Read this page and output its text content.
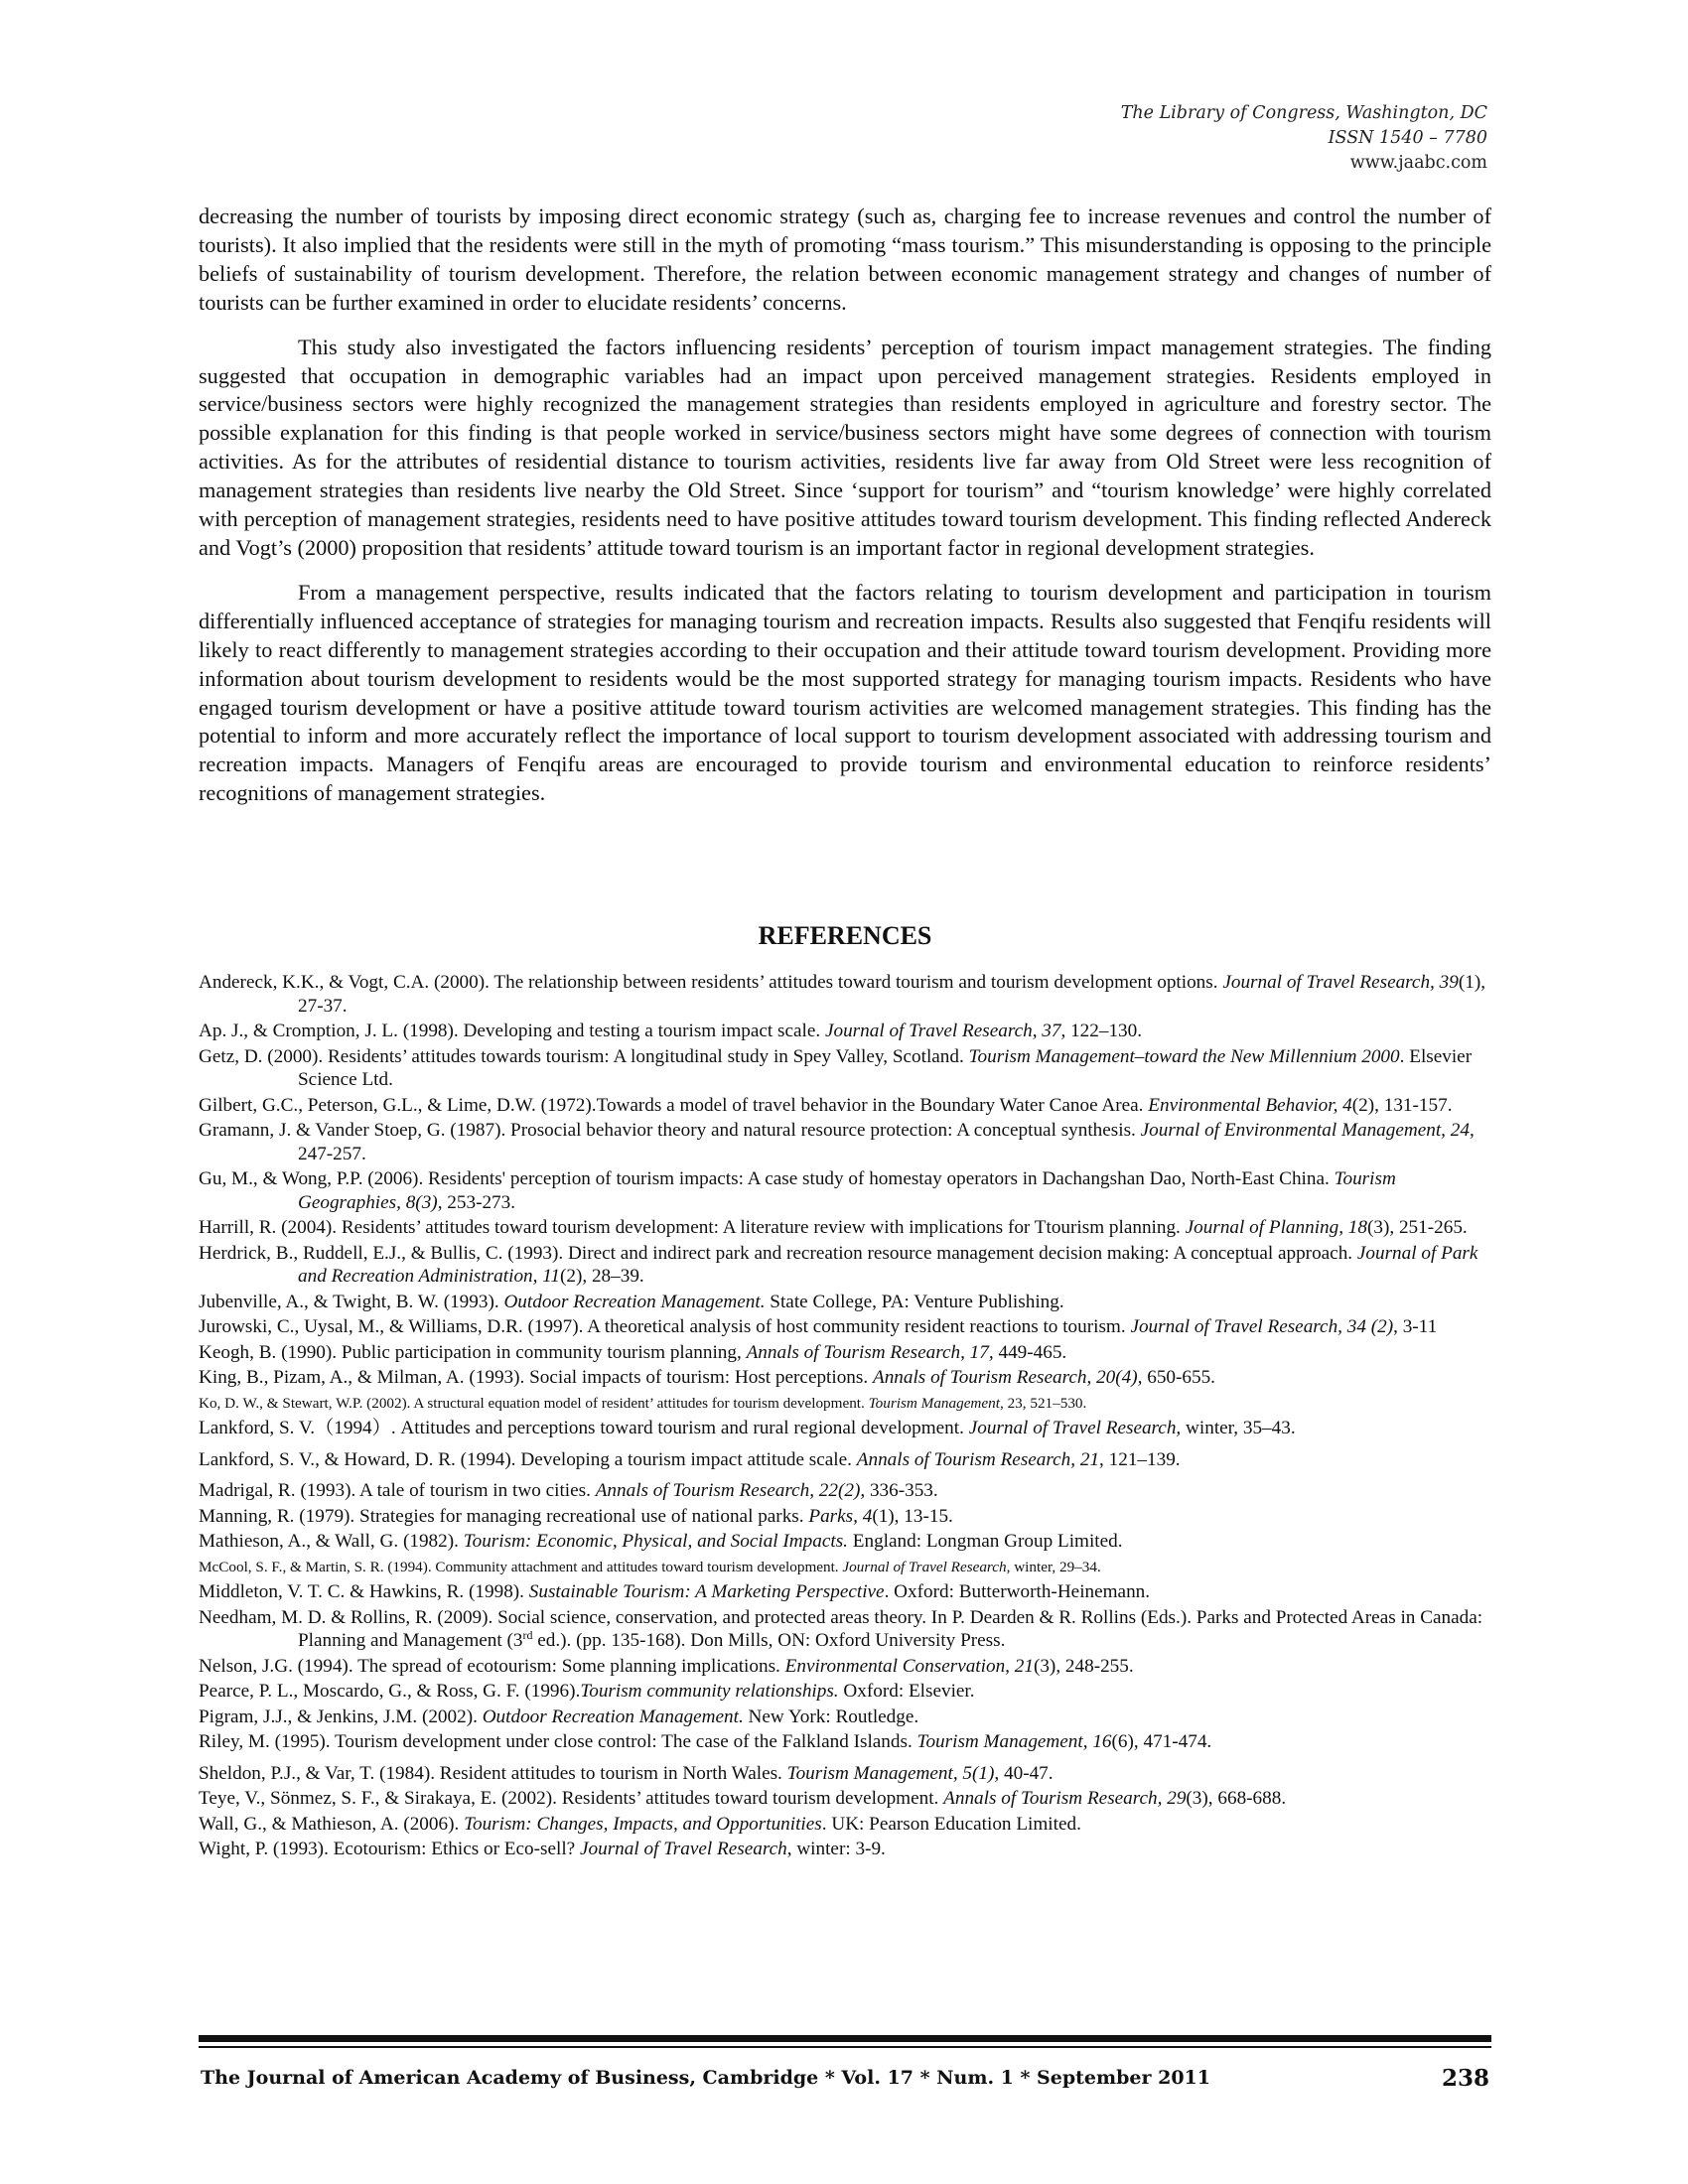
The Library of Congress, Washington, DC
ISSN 1540 – 7780
www.jaabc.com

decreasing the number of tourists by imposing direct economic strategy (such as, charging fee to increase revenues and control the number of tourists). It also implied that the residents were still in the myth of promoting “mass tourism.” This misunderstanding is opposing to the principle beliefs of sustainability of tourism development. Therefore, the relation between economic management strategy and changes of number of tourists can be further examined in order to elucidate residents’ concerns.

This study also investigated the factors influencing residents’ perception of tourism impact management strategies. The finding suggested that occupation in demographic variables had an impact upon perceived management strategies. Residents employed in service/business sectors were highly recognized the management strategies than residents employed in agriculture and forestry sector. The possible explanation for this finding is that people worked in service/business sectors might have some degrees of connection with tourism activities. As for the attributes of residential distance to tourism activities, residents live far away from Old Street were less recognition of management strategies than residents live nearby the Old Street. Since ‘support for tourism” and “tourism knowledge’ were highly correlated with perception of management strategies, residents need to have positive attitudes toward tourism development. This finding reflected Andereck and Vogt’s (2000) proposition that residents’ attitude toward tourism is an important factor in regional development strategies.

From a management perspective, results indicated that the factors relating to tourism development and participation in tourism differentially influenced acceptance of strategies for managing tourism and recreation impacts. Results also suggested that Fenqifu residents will likely to react differently to management strategies according to their occupation and their attitude toward tourism development. Providing more information about tourism development to residents would be the most supported strategy for managing tourism impacts. Residents who have engaged tourism development or have a positive attitude toward tourism activities are welcomed management strategies. This finding has the potential to inform and more accurately reflect the importance of local support to tourism development associated with addressing tourism and recreation impacts. Managers of Fenqifu areas are encouraged to provide tourism and environmental education to reinforce residents’ recognitions of management strategies.

REFERENCES
Andereck, K.K., & Vogt, C.A. (2000). The relationship between residents’ attitudes toward tourism and tourism development options. Journal of Travel Research, 39(1), 27-37.
Ap. J., & Cromption, J. L. (1998). Developing and testing a tourism impact scale. Journal of Travel Research, 37, 122–130.
Getz, D. (2000). Residents’ attitudes towards tourism: A longitudinal study in Spey Valley, Scotland. Tourism Management–toward the New Millennium 2000. Elsevier Science Ltd.
Gilbert, G.C., Peterson, G.L., & Lime, D.W. (1972).Towards a model of travel behavior in the Boundary Water Canoe Area. Environmental Behavior, 4(2), 131-157.
Gramann, J. & Vander Stoep, G. (1987). Prosocial behavior theory and natural resource protection: A conceptual synthesis. Journal of Environmental Management, 24, 247-257.
Gu, M., & Wong, P.P. (2006). Residents' perception of tourism impacts: A case study of homestay operators in Dachangshan Dao, North-East China. Tourism Geographies, 8(3), 253-273.
Harrill, R. (2004). Residents’ attitudes toward tourism development: A literature review with implications for Ttourism planning. Journal of Planning, 18(3), 251-265.
Herdrick, B., Ruddell, E.J., & Bullis, C. (1993). Direct and indirect park and recreation resource management decision making: A conceptual approach. Journal of Park and Recreation Administration, 11(2), 28–39.
Jubenville, A., & Twight, B. W. (1993). Outdoor Recreation Management. State College, PA: Venture Publishing.
Jurowski, C., Uysal, M., & Williams, D.R. (1997). A theoretical analysis of host community resident reactions to tourism. Journal of Travel Research, 34 (2), 3-11
Keogh, B. (1990). Public participation in community tourism planning, Annals of Tourism Research, 17, 449-465.
King, B., Pizam, A., & Milman, A. (1993). Social impacts of tourism: Host perceptions. Annals of Tourism Research, 20(4), 650-655.
Ko, D. W., & Stewart, W.P. (2002). A structural equation model of resident’ attitudes for tourism development. Tourism Management, 23, 521–530.
Lankford, S. V.（1994）. Attitudes and perceptions toward tourism and rural regional development. Journal of Travel Research, winter, 35–43.
Lankford, S. V., & Howard, D. R. (1994). Developing a tourism impact attitude scale. Annals of Tourism Research, 21, 121–139.
Madrigal, R. (1993). A tale of tourism in two cities. Annals of Tourism Research, 22(2), 336-353.
Manning, R. (1979). Strategies for managing recreational use of national parks. Parks, 4(1), 13-15.
Mathieson, A., & Wall, G. (1982). Tourism: Economic, Physical, and Social Impacts. England: Longman Group Limited.
McCool, S. F., & Martin, S. R. (1994). Community attachment and attitudes toward tourism development. Journal of Travel Research, winter, 29–34.
Middleton, V. T. C. & Hawkins, R. (1998). Sustainable Tourism: A Marketing Perspective. Oxford: Butterworth-Heinemann.
Needham, M. D. & Rollins, R. (2009). Social science, conservation, and protected areas theory. In P. Dearden & R. Rollins (Eds.). Parks and Protected Areas in Canada: Planning and Management (3rd ed.). (pp. 135-168). Don Mills, ON: Oxford University Press.
Nelson, J.G. (1994). The spread of ecotourism: Some planning implications. Environmental Conservation, 21(3), 248-255.
Pearce, P. L., Moscardo, G., & Ross, G. F. (1996).Tourism community relationships. Oxford: Elsevier.
Pigram, J.J., & Jenkins, J.M. (2002). Outdoor Recreation Management. New York: Routledge.
Riley, M. (1995). Tourism development under close control: The case of the Falkland Islands. Tourism Management, 16(6), 471-474.
Sheldon, P.J., & Var, T. (1984). Resident attitudes to tourism in North Wales. Tourism Management, 5(1), 40-47.
Teye, V., Sönmez, S. F., & Sirakaya, E. (2002). Residents’ attitudes toward tourism development. Annals of Tourism Research, 29(3), 668-688.
Wall, G., & Mathieson, A. (2006). Tourism: Changes, Impacts, and Opportunities. UK: Pearson Education Limited.
Wight, P. (1993). Ecotourism: Ethics or Eco-sell? Journal of Travel Research, winter: 3-9.
The Journal of American Academy of Business, Cambridge * Vol. 17 * Num. 1 * September 2011	238
